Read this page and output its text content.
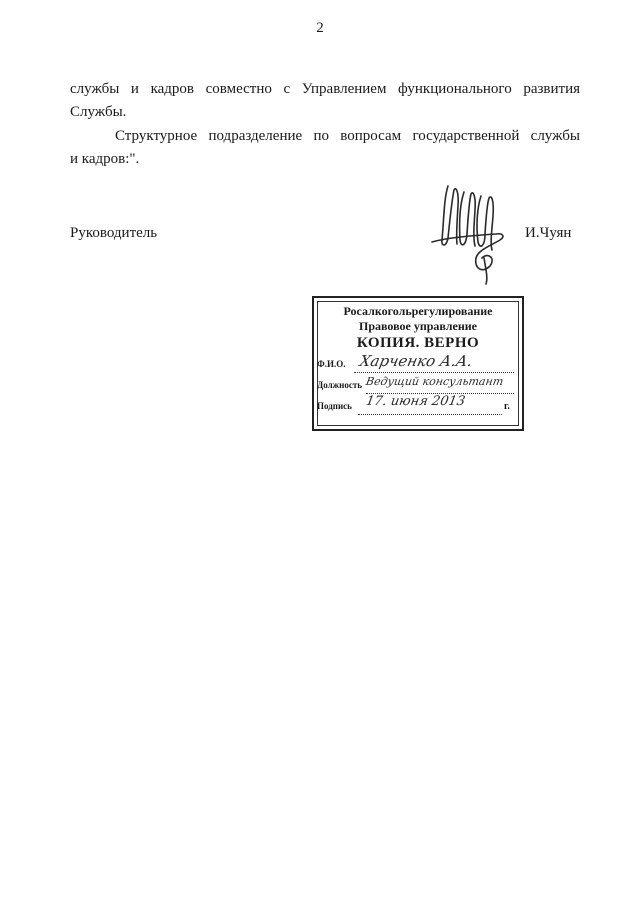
2
службы и кадров совместно с Управлением функционального развития
Службы.
Структурное подразделение по вопросам государственной службы
и кадров:".
Руководитель	И.Чуян
Росалкогольрегулирование
Правовое управление
КОПИЯ. ВЕРНО
Ф.И.О. Харченко А.А.
Должность Ведущий консультант
Подпись 17. июня 2013	г.
